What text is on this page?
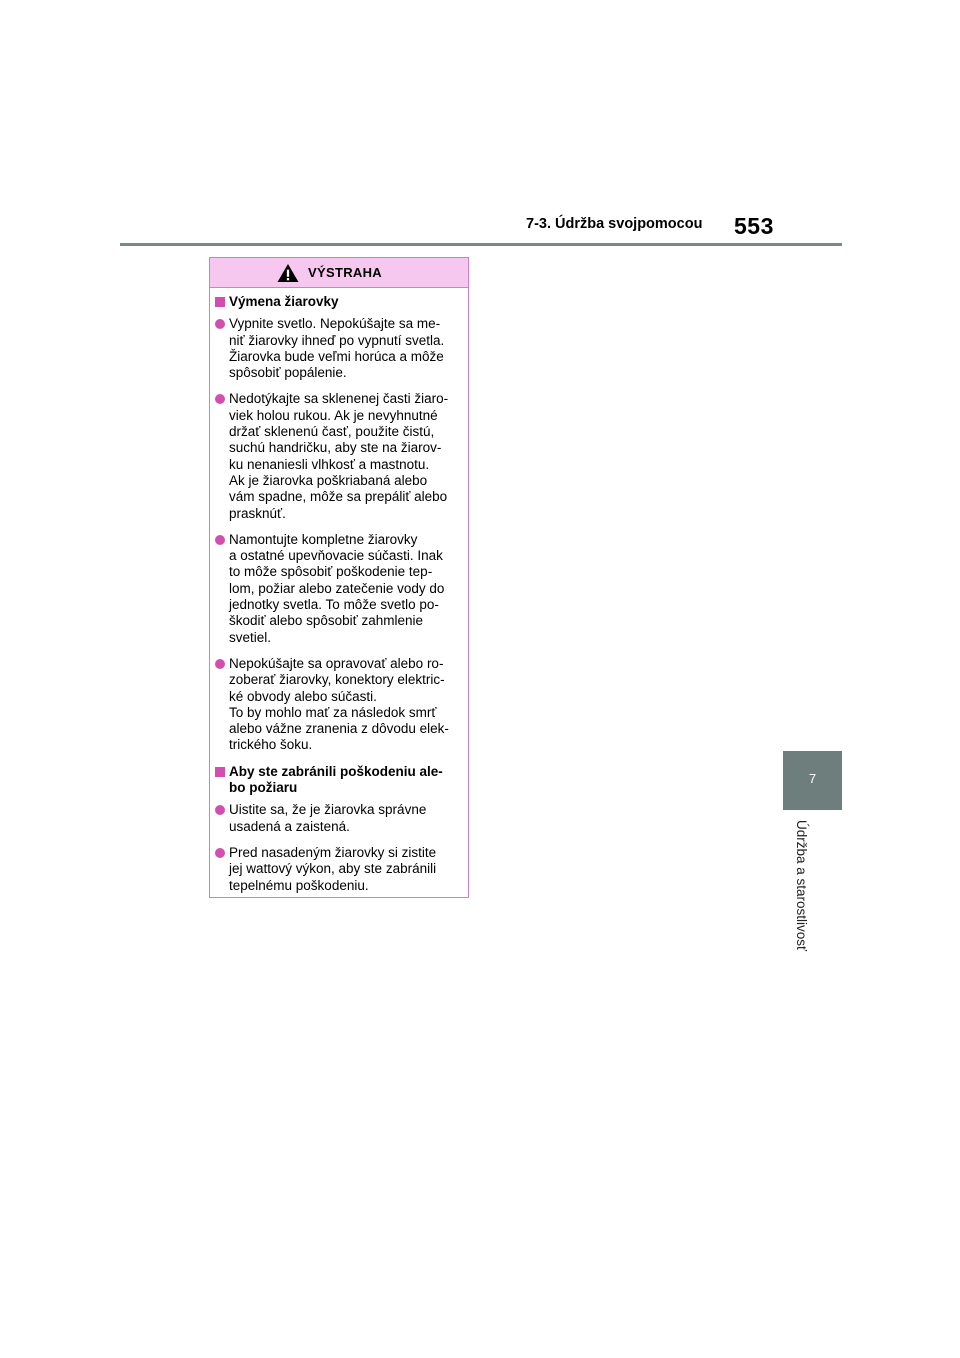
7-3. Údržba svojpomocou 553
7
Údržba a starostlivosť
VÝSTRAHA
Výmena žiarovky
Vypnite svetlo. Nepokúšajte sa me-
niť žiarovky ihneď po vypnutí svetla.
Žiarovka bude veľmi horúca a môže
spôsobiť popálenie.
Nedotýkajte sa sklenenej časti žiaro-
viek holou rukou. Ak je nevyhnutné
držať sklenenú časť, použite čistú,
suchú handričku, aby ste na žiarov-
ku nenaniesli vlhkosť a mastnotu.
Ak je žiarovka poškriabaná alebo
vám spadne, môže sa prepáliť alebo
prasknúť.
Namontujte kompletne žiarovky
a ostatné upevňovacie súčasti. Inak
to môže spôsobiť poškodenie tep-
lom, požiar alebo zatečenie vody do
jednotky svetla. To môže svetlo po-
škodiť alebo spôsobiť zahmlenie
svetiel.
Nepokúšajte sa opravovať alebo ro-
zoberať žiarovky, konektory elektric-
ké obvody alebo súčasti.
To by mohlo mať za následok smrť
alebo vážne zranenia z dôvodu elek-
trického šoku.
Aby ste zabránili poškodeniu ale-
bo požiaru
Uistite sa, že je žiarovka správne
usadená a zaistená.
Pred nasadeným žiarovky si zistite
jej wattový výkon, aby ste zabránili
tepelnému poškodeniu.
